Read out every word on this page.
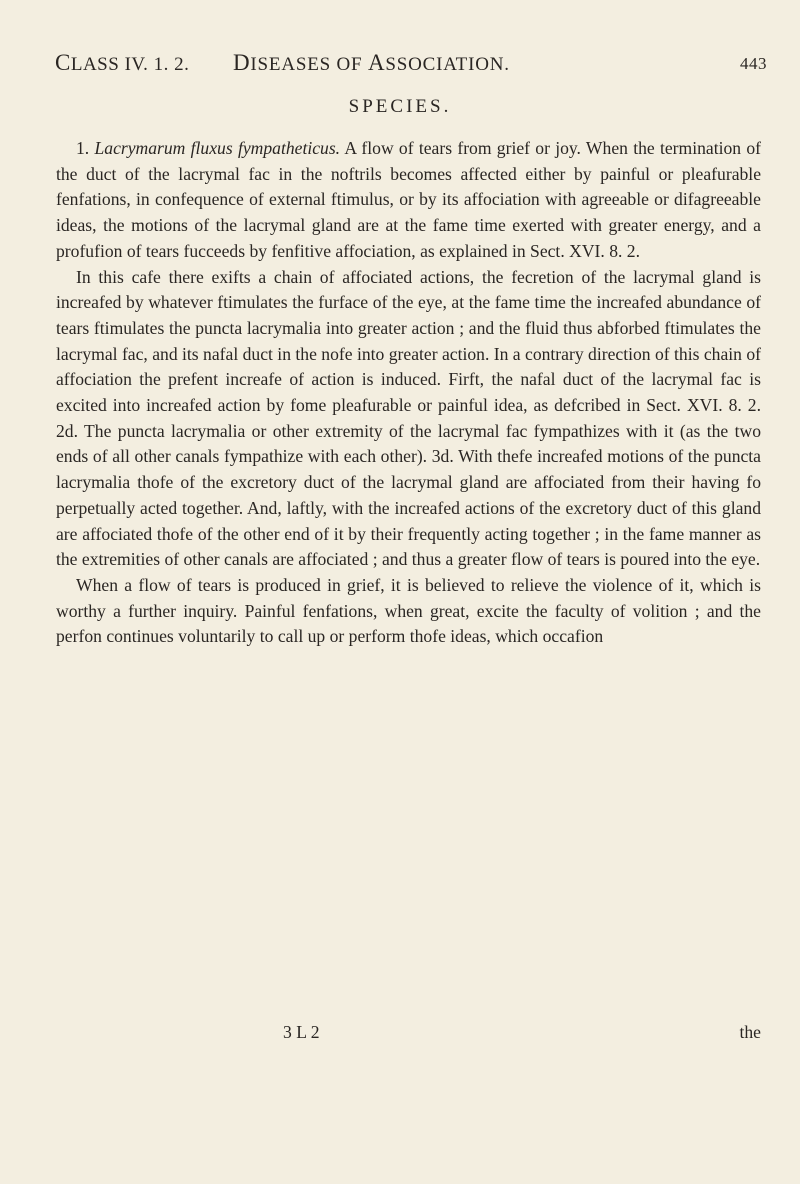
CLASS IV. 1. 2. DISEASES OF ASSOCIATION.	443
SPECIES.

1. Lacrymarum fluxus fympatheticus. A flow of tears from grief or joy. When the termination of the duct of the lacrymal fac in the noftrils becomes affected either by painful or pleafurable fenfations, in confequence of external ftimulus, or by its affociation with agreeable or difagreeable ideas, the motions of the lacrymal gland are at the fame time exerted with greater energy, and a profufion of tears fucceeds by fenfitive affociation, as explained in Sect. XVI. 8. 2.

In this cafe there exifts a chain of affociated actions, the fecretion of the lacrymal gland is increafed by whatever ftimulates the furface of the eye, at the fame time the increafed abundance of tears ftimulates the puncta lacrymalia into greater action ; and the fluid thus abforbed ftimulates the lacrymal fac, and its nafal duct in the nofe into greater action. In a contrary direction of this chain of affociation the prefent increafe of action is induced. Firft, the nafal duct of the lacrymal fac is excited into increafed action by fome pleafurable or painful idea, as defcribed in Sect. XVI. 8. 2. 2d. The puncta lacrymalia or other extremity of the lacrymal fac fympathizes with it (as the two ends of all other canals fympathize with each other). 3d. With thefe increafed motions of the puncta lacrymalia thofe of the excretory duct of the lacrymal gland are affociated from their having fo perpetually acted together. And, laftly, with the increafed actions of the excretory duct of this gland are affociated thofe of the other end of it by their frequently acting together ; in the fame manner as the extremities of other canals are affociated ; and thus a greater flow of tears is poured into the eye.

When a flow of tears is produced in grief, it is believed to relieve the violence of it, which is worthy a further inquiry. Painful fenfations, when great, excite the faculty of volition ; and the perfon continues voluntarily to call up or perform thofe ideas, which occafion

3 L 2	the
